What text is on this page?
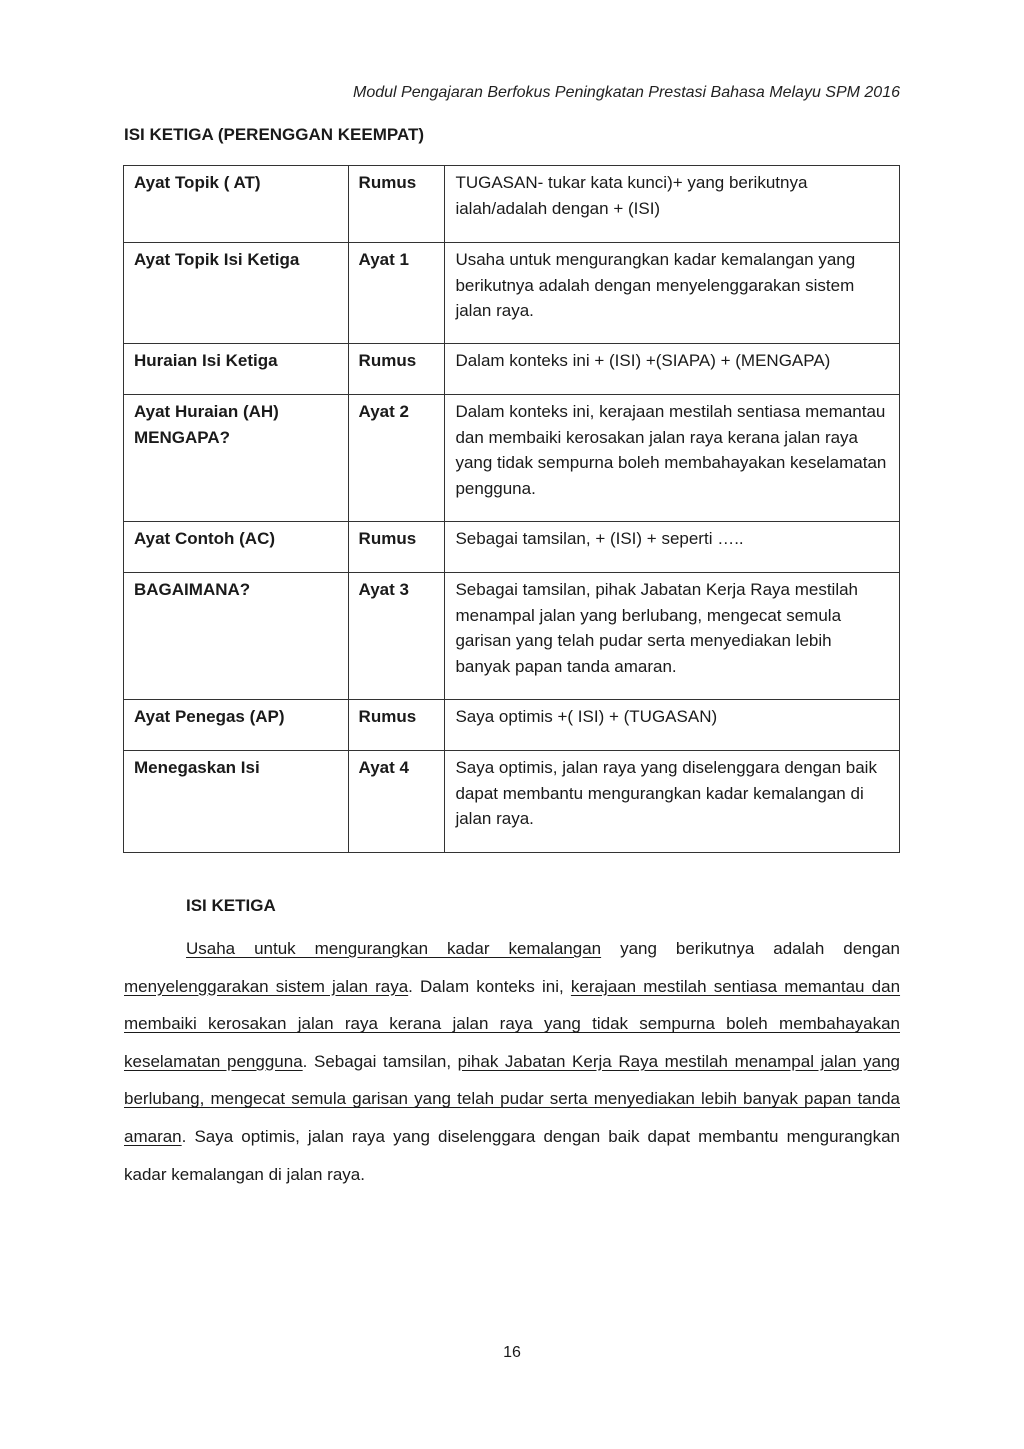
Modul Pengajaran Berfokus Peningkatan Prestasi Bahasa Melayu SPM 2016
ISI KETIGA (PERENGGAN KEEMPAT)
Ayat Topik ( AT)	Rumus	TUGASAN- tukar kata kunci)+ yang berikutnya ialah/adalah dengan + (ISI)
Ayat Topik Isi Ketiga	Ayat 1	Usaha untuk mengurangkan kadar kemalangan yang berikutnya adalah dengan menyelenggarakan sistem jalan raya.
Huraian Isi Ketiga	Rumus	Dalam konteks ini + (ISI) +(SIAPA) + (MENGAPA)
Ayat Huraian (AH) MENGAPA?	Ayat 2	Dalam konteks ini, kerajaan mestilah sentiasa memantau dan membaiki kerosakan jalan raya kerana jalan raya yang tidak sempurna boleh membahayakan keselamatan pengguna.
Ayat Contoh (AC)	Rumus	Sebagai tamsilan, + (ISI) + seperti …..
BAGAIMANA?	Ayat 3	Sebagai tamsilan, pihak Jabatan Kerja Raya mestilah menampal jalan yang berlubang, mengecat semula garisan yang telah pudar serta menyediakan lebih banyak papan tanda amaran.
Ayat Penegas (AP)	Rumus	Saya optimis +( ISI) + (TUGASAN)
Menegaskan Isi	Ayat 4	Saya optimis, jalan raya yang diselenggara dengan baik dapat membantu mengurangkan kadar kemalangan di jalan raya.
ISI KETIGA

Usaha untuk mengurangkan kadar kemalangan yang berikutnya adalah dengan menyelenggarakan sistem jalan raya. Dalam konteks ini, kerajaan mestilah sentiasa memantau dan membaiki kerosakan jalan raya kerana jalan raya yang tidak sempurna boleh membahayakan keselamatan pengguna. Sebagai tamsilan, pihak Jabatan Kerja Raya mestilah menampal jalan yang berlubang, mengecat semula garisan yang telah pudar serta menyediakan lebih banyak papan tanda amaran. Saya optimis, jalan raya yang diselenggara dengan baik dapat membantu mengurangkan kadar kemalangan di jalan raya.

16
